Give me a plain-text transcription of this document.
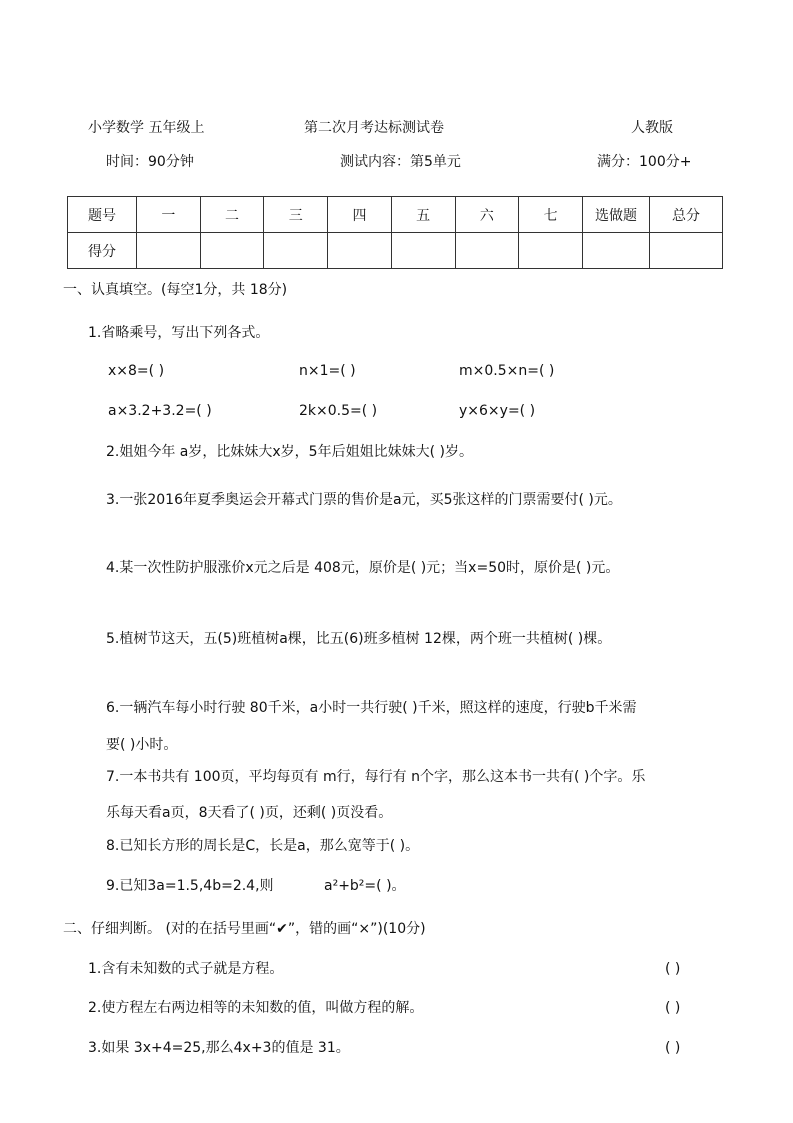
小学数学 五年级上	第二次月考达标测试卷	人教版
时间：90分钟	测试内容：第5单元	满分：100分+
题号	一	二	三	四	五	六	七	选做题	总分
得分									
一、认真填空。(每空1分，共 18分)
1.省略乘号，写出下列各式。
x×8=( )	n×1=( )	m×0.5×n=( )
a×3.2+3.2=( )	2k×0.5=( )	y×6×y=( )
2.姐姐今年 a岁，比妹妹大x岁，5年后姐姐比妹妹大( )岁。
3.一张2016年夏季奥运会开幕式门票的售价是a元，买5张这样的门票需要付( )元。
4.某一次性防护服涨价x元之后是 408元，原价是( )元；当x=50时，原价是( )元。
5.植树节这天，五(5)班植树a棵，比五(6)班多植树 12棵，两个班一共植树( )棵。
6.一辆汽车每小时行驶 80千米，a小时一共行驶( )千米，照这样的速度，行驶b千米需
要( )小时。
7.一本书共有 100页，平均每页有 m行，每行有 n个字，那么这本书一共有( )个字。乐
乐每天看a页，8天看了( )页，还剩( )页没看。
8.已知长方形的周长是C，长是a，那么宽等于( )。
9.已知3a=1.5,4b=2.4,则	a²+b²=( )。
二、仔细判断。 (对的在括号里画“✔”，错的画“×”)(10分)
1.含有未知数的式子就是方程。	( )
2.使方程左右两边相等的未知数的值，叫做方程的解。	( )
3.如果 3x+4=25,那么4x+3的值是 31。	( )
